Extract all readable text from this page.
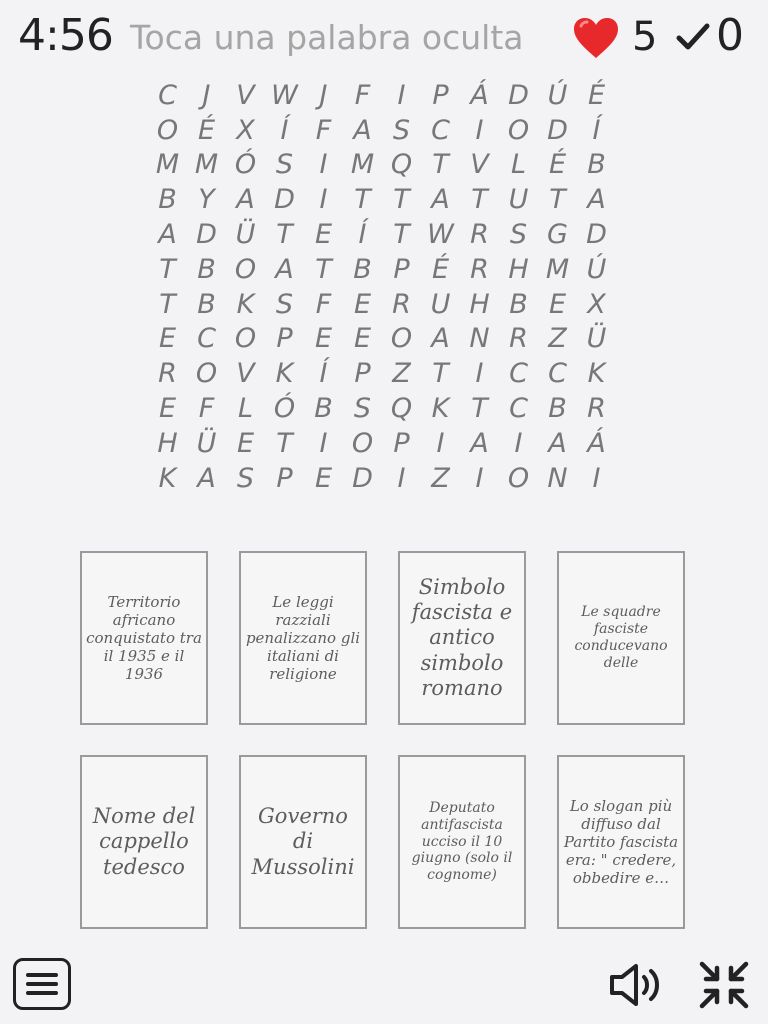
4:56 Toca una palabra oculta	5 0
C J V W J	F	I P Á D Ú É
O É X Í	F A S C I O D Í
M M Ó S I M Q T V L É B
B Y A D I T T A T U T A
A D Ü T E Í T W R S G D
T B O A T B P É R H M Ú
T B K S F E R U H B E X
E C O P E E O A N R Z Ü
R O V K Í P Z T I C C K
E F L Ó B S Q K T C B R
H Ü E T I O P I A I A Á
K A S P E D I Z I O N I
Territorio africano conquistato tra il 1935 e il 1936
Le leggi razziali penalizzano gli italiani di religione
Simbolo fascista e antico simbolo romano
Le squadre fasciste conducevano delle
Nome del cappello tedesco
Governo di Mussolini
Deputato antifascista ucciso il 10 giugno (solo il cognome)
Lo slogan più diffuso dal Partito fascista era: " credere, obbedire e…
